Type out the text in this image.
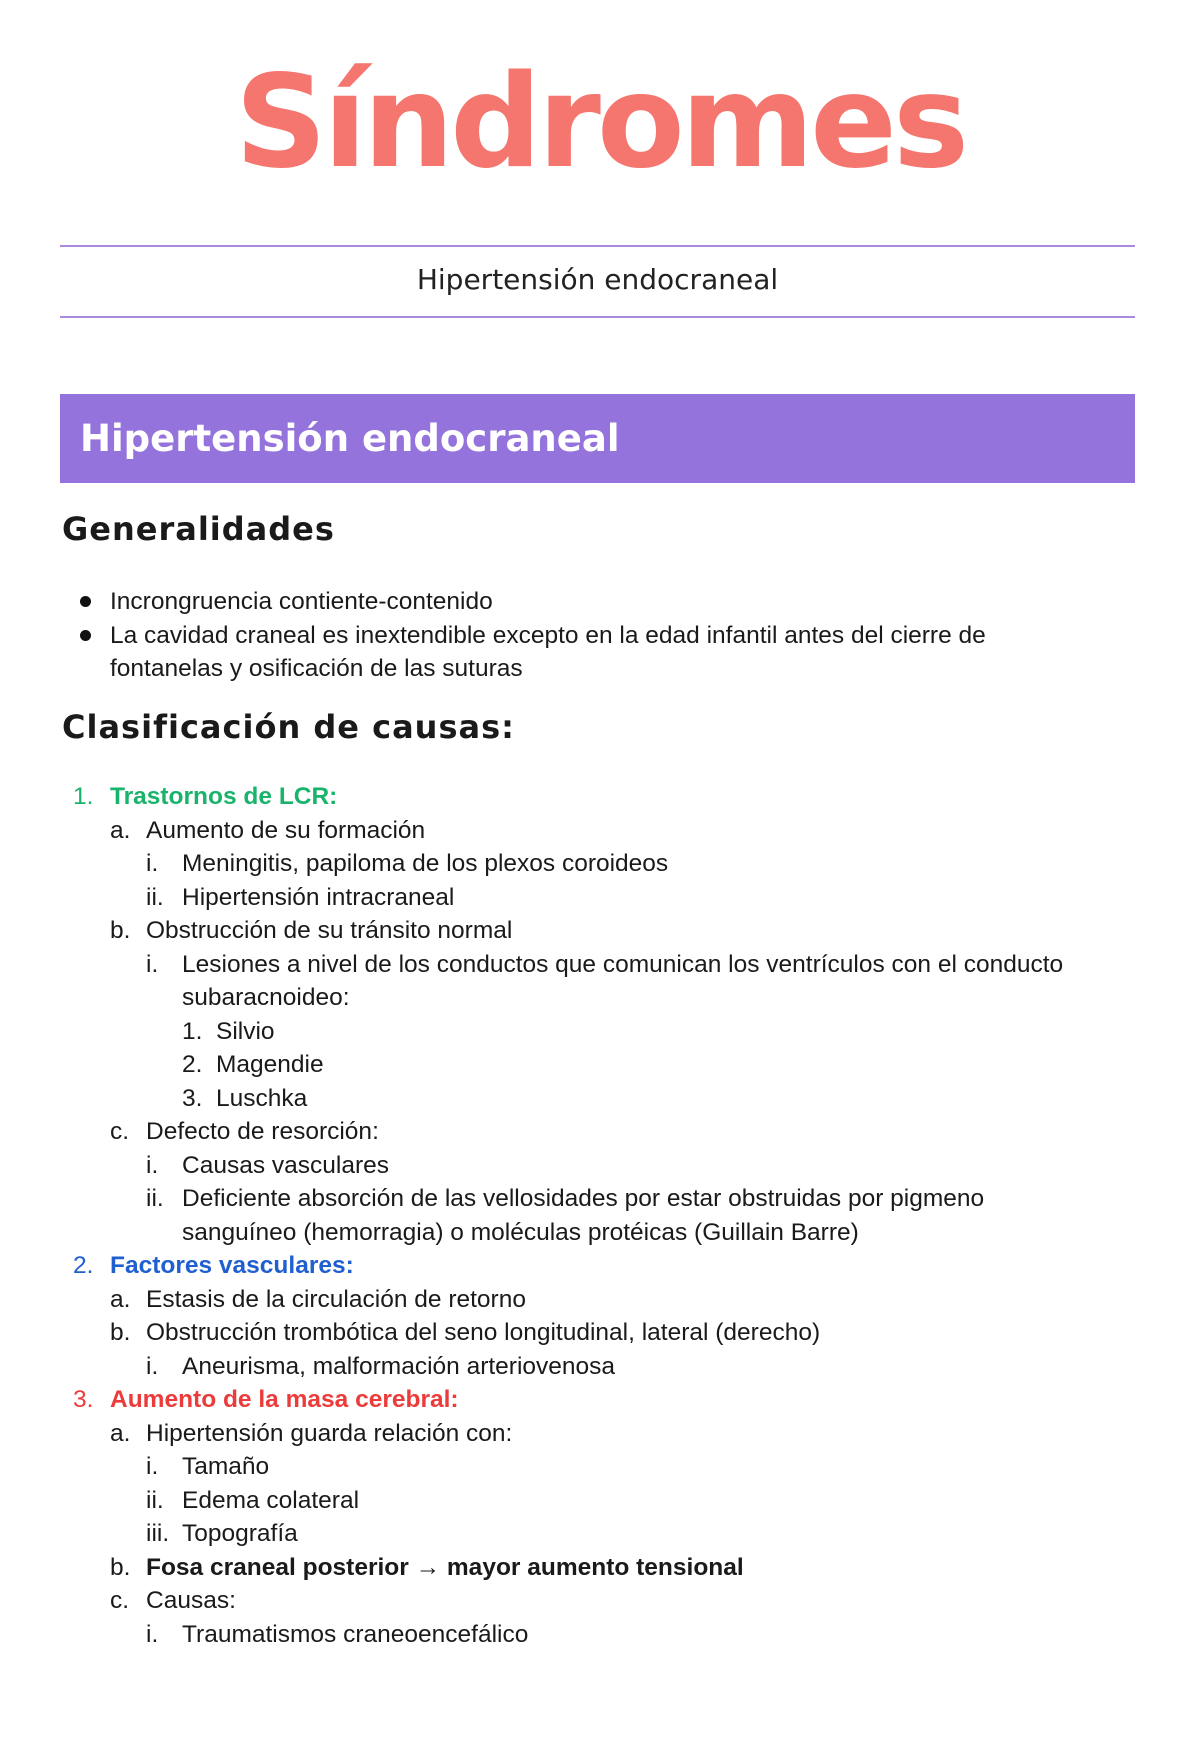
Síndromes
Hipertensión endocraneal
Hipertensión endocraneal
Generalidades
Incrongruencia contiente-contenido
La cavidad craneal es inextendible excepto en la edad infantil antes del cierre de
fontanelas y osificación de las suturas
Clasificación de causas:
1. Trastornos de LCR:
a. Aumento de su formación
i. Meningitis, papiloma de los plexos coroideos
ii. Hipertensión intracraneal
b. Obstrucción de su tránsito normal
i. Lesiones a nivel de los conductos que comunican los ventrículos con el conducto
subaracnoideo:
1. Silvio
2. Magendie
3. Luschka
c. Defecto de resorción:
i. Causas vasculares
ii. Deficiente absorción de las vellosidades por estar obstruidas por pigmeno
sanguíneo (hemorragia) o moléculas protéicas (Guillain Barre)
2. Factores vasculares:
a. Estasis de la circulación de retorno
b. Obstrucción trombótica del seno longitudinal, lateral (derecho)
i. Aneurisma, malformación arteriovenosa
3. Aumento de la masa cerebral:
a. Hipertensión guarda relación con:
i. Tamaño
ii. Edema colateral
iii. Topografía
b. Fosa craneal posterior → mayor aumento tensional
c. Causas:
i. Traumatismos craneoencefálico
